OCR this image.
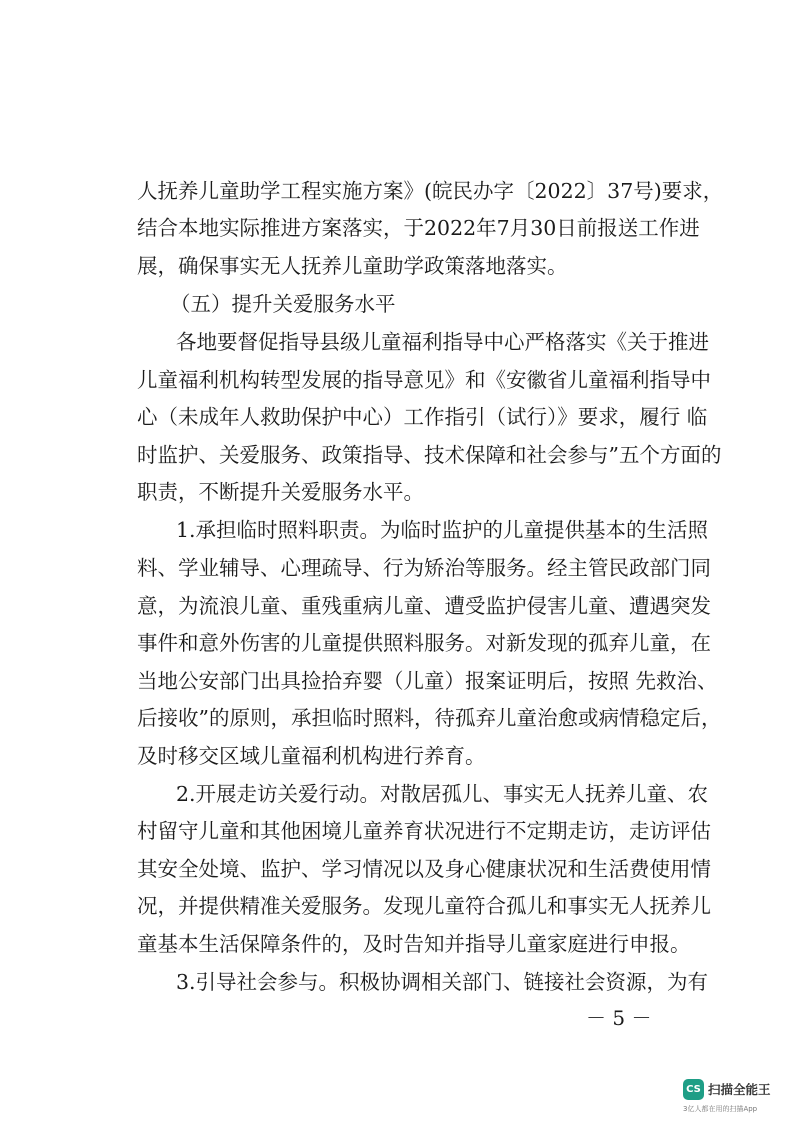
人抚养儿童助学工程实施方案》(皖民办字〔2022〕37号)要求，
结合本地实际推进方案落实，于2022年7月30日前报送工作进
展，确保事实无人抚养儿童助学政策落地落实。
（五）提升关爱服务水平
各地要督促指导县级儿童福利指导中心严格落实《关于推进
儿童福利机构转型发展的指导意见》和《安徽省儿童福利指导中
心（未成年人救助保护中心）工作指引（试行）》要求，履行 临
时监护、关爱服务、政策指导、技术保障和社会参与”五个方面的
职责，不断提升关爱服务水平。
1.承担临时照料职责。为临时监护的儿童提供基本的生活照
料、学业辅导、心理疏导、行为矫治等服务。经主管民政部门同
意，为流浪儿童、重残重病儿童、遭受监护侵害儿童、遭遇突发
事件和意外伤害的儿童提供照料服务。对新发现的孤弃儿童，在
当地公安部门出具捡拾弃婴（儿童）报案证明后，按照 先救治、
后接收”的原则，承担临时照料，待孤弃儿童治愈或病情稳定后，
及时移交区域儿童福利机构进行养育。
2.开展走访关爱行动。对散居孤儿、事实无人抚养儿童、农
村留守儿童和其他困境儿童养育状况进行不定期走访，走访评估
其安全处境、监护、学习情况以及身心健康状况和生活费使用情
况，并提供精准关爱服务。发现儿童符合孤儿和事实无人抚养儿
童基本生活保障条件的，及时告知并指导儿童家庭进行申报。
3.引导社会参与。积极协调相关部门、链接社会资源，为有
－ 5 －
CS 扫描全能王
3亿人都在用的扫描App
